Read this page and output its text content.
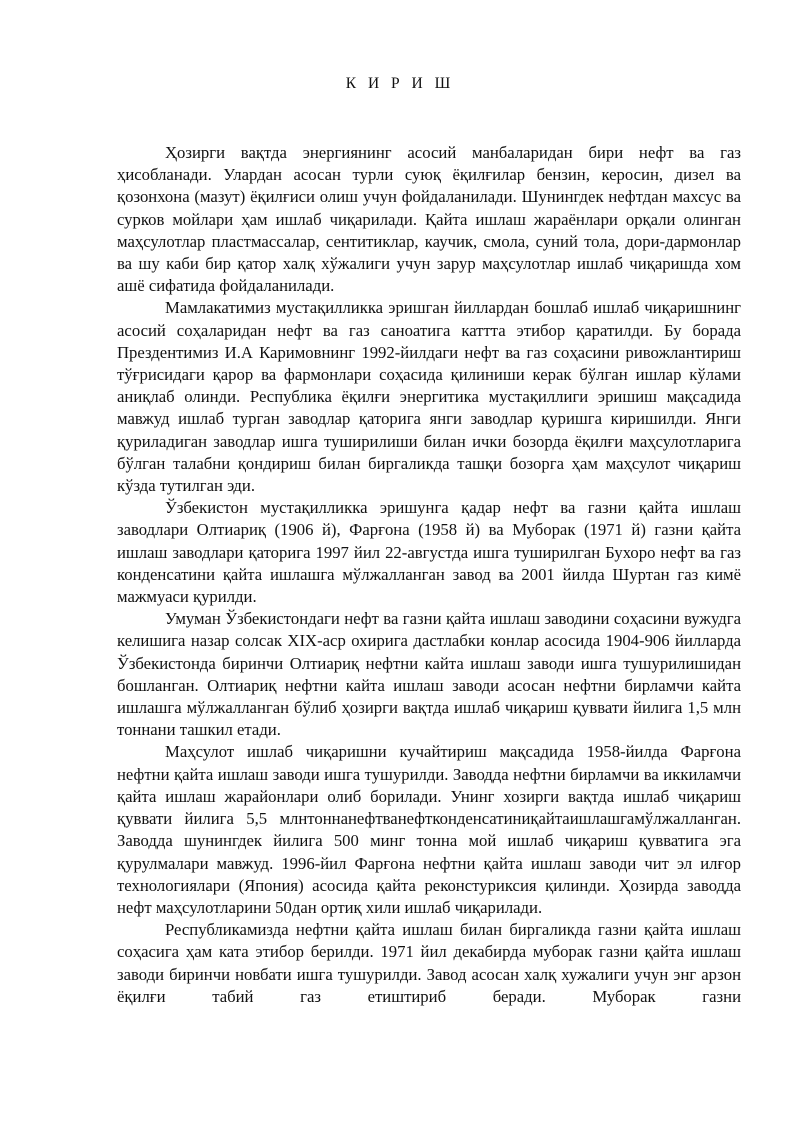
К И Р И Ш

Ҳозирги вақтда энергиянинг асосий манбаларидан бири нефт ва газ ҳисобланади. Улардан асосан турли суюқ ёқилғилар бензин, керосин, дизел ва қозонхона (мазут) ёқилғиси олиш учун фойдаланилади. Шунингдек нефтдан махсус ва сурков мойлари ҳам ишлаб чиқарилади. Қайта ишлаш жараёнлари орқали олинган маҳсулотлар пластмассалар, сентитиклар, каучик, смола, суний тола, дори-дармонлар ва шу каби бир қатор халқ хўжалиги учун зарур маҳсулотлар ишлаб чиқаришда хом ашё сифатида фойдаланилади.

Мамлакатимиз мустақилликка эришган йиллардан бошлаб ишлаб чиқаришнинг асосий соҳаларидан нефт ва газ саноатига каттта этибор қаратилди. Бу борада Прездентимиз И.А Каримовнинг 1992-йилдаги нефт ва газ соҳасини ривожлантириш тўғрисидаги қарор ва фармонлари соҳасида қилиниши керак бўлган ишлар кўлами аниқлаб олинди. Республика ёқилғи энергитика мустақиллиги эришиш мақсадида мавжуд ишлаб турган заводлар қаторига янги заводлар қуришга киришилди. Янги қуриладиган заводлар ишга туширилиши билан ички бозорда ёқилғи маҳсулотларига бўлган талабни қондириш билан биргаликда ташқи бозорга ҳам маҳсулот чиқариш кўзда тутилган эди.

Ўзбекистон мустақилликка эришунга қадар нефт ва газни қайта ишлаш заводлари Олтиариқ (1906 й), Фарғона (1958 й) ва Муборак (1971 й) газни қайта ишлаш заводлари қаторига 1997 йил 22-августда ишга туширилган Бухоро нефт ва газ конденсатини қайта ишлашга мўлжалланган завод ва 2001 йилда Шуртан газ кимё мажмуаси қурилди.

Умуман Ўзбекистондаги нефт ва газни қайта ишлаш заводини соҳасини вужудга келишига назар солсак XIX-аср охирига дастлабки конлар асосида 1904-906 йилларда Ўзбекистонда биринчи Олтиариқ нефтни кайта ишлаш заводи ишга тушурилишидан бошланган. Олтиариқ нефтни кайта ишлаш заводи асосан нефтни бирламчи кайта ишлашга мўлжалланган бўлиб ҳозирги вақтда ишлаб чиқариш қуввати йилига 1,5 млн тоннани ташкил етади.

Маҳсулот ишлаб чиқаришни кучайтириш мақсадида 1958-йилда Фарғона нефтни қайта ишлаш заводи ишга тушурилди. Заводда нефтни бирламчи ва иккиламчи қайта ишлаш жарайонлари олиб борилади. Унинг хозирги вақтда ишлаб чиқариш қуввати йилига 5,5 млнтоннанефтванефтконденсатиниқайтаишлашгамўлжалланган. Заводда шунингдек йилига 500 минг тонна мой ишлаб чиқариш қувватига эга қурулмалари мавжуд. 1996-йил Фарғона нефтни қайта ишлаш заводи чит эл илғор технологиялари (Япония) асосида қайта реконстуриксия қилинди. Ҳозирда заводда нефт маҳсулотларини 50дан ортиқ хили ишлаб чиқарилади.

Республикамизда нефтни қайта ишлаш билан биргаликда газни қайта ишлаш соҳасига ҳам ката этибор берилди. 1971 йил декабирда муборак газни қайта ишлаш заводи биринчи новбати ишга тушурилди. Завод асосан халқ хужалиги учун энг арзон ёқилғи табий газ етиштириб беради. Муборак газни
